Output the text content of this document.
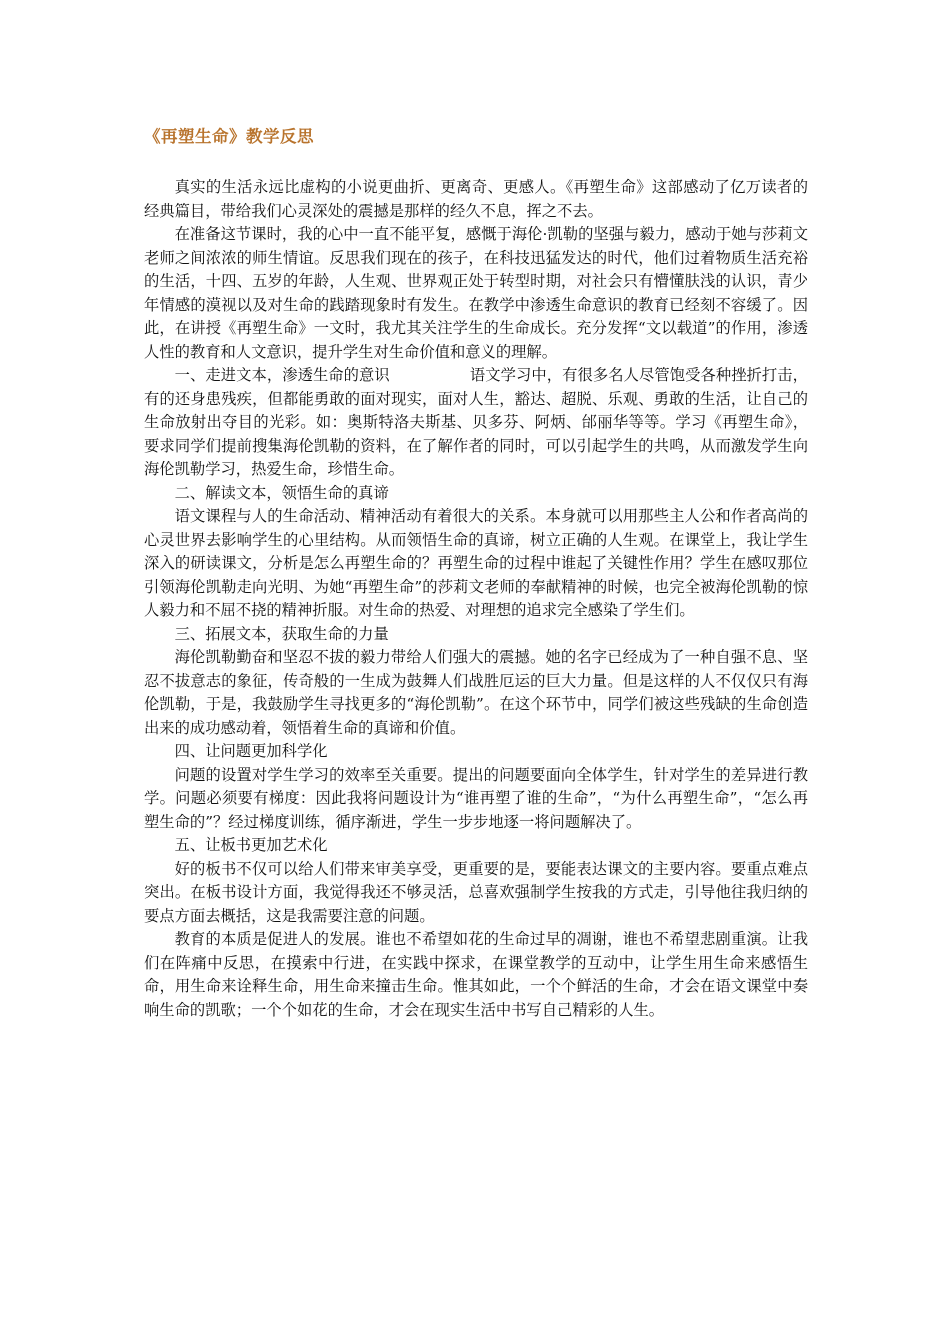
《再塑生命》教学反思

真实的生活永远比虚构的小说更曲折、更离奇、更感人。《再塑生命》这部感动了亿万读者的经典篇目，带给我们心灵深处的震撼是那样的经久不息，挥之不去。

在准备这节课时，我的心中一直不能平复，感慨于海伦·凯勒的坚强与毅力，感动于她与莎莉文老师之间浓浓的师生情谊。反思我们现在的孩子，在科技迅猛发达的时代，他们过着物质生活充裕的生活，十四、五岁的年龄，人生观、世界观正处于转型时期，对社会只有懵懂肤浅的认识，青少年情感的漠视以及对生命的践踏现象时有发生。在教学中渗透生命意识的教育已经刻不容缓了。因此，在讲授《再塑生命》一文时，我尤其关注学生的生命成长。充分发挥“文以载道”的作用，渗透人性的教育和人文意识，提升学生对生命价值和意义的理解。

一、走进文本，渗透生命的意识	语文学习中，有很多名人尽管饱受各种挫折打击，有的还身患残疾，但都能勇敢的面对现实，面对人生，豁达、超脱、乐观、勇敢的生活，让自己的生命放射出夺目的光彩。如：奥斯特洛夫斯基、贝多芬、阿炳、邰丽华等等。学习《再塑生命》，要求同学们提前搜集海伦凯勒的资料，在了解作者的同时，可以引起学生的共鸣，从而激发学生向海伦凯勒学习，热爱生命，珍惜生命。

二、解读文本，领悟生命的真谛

语文课程与人的生命活动、精神活动有着很大的关系。本身就可以用那些主人公和作者高尚的心灵世界去影响学生的心里结构。从而领悟生命的真谛，树立正确的人生观。在课堂上，我让学生深入的研读课文，分析是怎么再塑生命的？再塑生命的过程中谁起了关键性作用？学生在感叹那位引领海伦凯勒走向光明、为她“再塑生命”的莎莉文老师的奉献精神的时候，也完全被海伦凯勒的惊人毅力和不屈不挠的精神折服。对生命的热爱、对理想的追求完全感染了学生们。

三、拓展文本，获取生命的力量

海伦凯勒勤奋和坚忍不拔的毅力带给人们强大的震撼。她的名字已经成为了一种自强不息、坚忍不拔意志的象征，传奇般的一生成为鼓舞人们战胜厄运的巨大力量。但是这样的人不仅仅只有海伦凯勒，于是，我鼓励学生寻找更多的“海伦凯勒”。在这个环节中，同学们被这些残缺的生命创造出来的成功感动着，领悟着生命的真谛和价值。

四、让问题更加科学化

问题的设置对学生学习的效率至关重要。提出的问题要面向全体学生，针对学生的差异进行教学。问题必须要有梯度：因此我将问题设计为“谁再塑了谁的生命”，“为什么再塑生命”，“怎么再塑生命的”？经过梯度训练，循序渐进，学生一步步地逐一将问题解决了。

五、让板书更加艺术化

好的板书不仅可以给人们带来审美享受，更重要的是，要能表达课文的主要内容。要重点难点突出。在板书设计方面，我觉得我还不够灵活，总喜欢强制学生按我的方式走，引导他往我归纳的要点方面去概括，这是我需要注意的问题。

教育的本质是促进人的发展。谁也不希望如花的生命过早的凋谢，谁也不希望悲剧重演。让我们在阵痛中反思，在摸索中行进，在实践中探求，在课堂教学的互动中，让学生用生命来感悟生命，用生命来诠释生命，用生命来撞击生命。惟其如此，一个个鲜活的生命，才会在语文课堂中奏响生命的凯歌；一个个如花的生命，才会在现实生活中书写自己精彩的人生。
